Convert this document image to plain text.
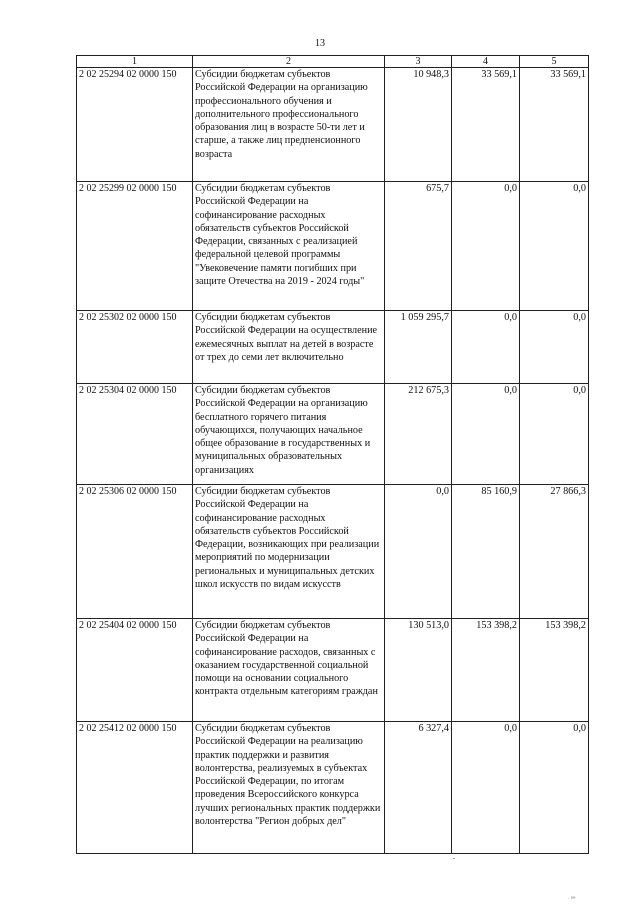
13
1	2	3	4	5
2 02 25294 02 0000 150	Субсидии бюджетам субъектов Российской Федерации на организацию профессионального обучения и дополнительного профессионального образования лиц в возрасте 50-ти лет и старше, а также лиц предпенсионного возраста	10 948,3	33 569,1	33 569,1
2 02 25299 02 0000 150	Субсидии бюджетам субъектов Российской Федерации на софинансирование расходных обязательств субъектов Российской Федерации, связанных с реализацией федеральной целевой программы "Увековечение памяти погибших при защите Отечества на 2019 - 2024 годы"	675,7	0,0	0,0
2 02 25302 02 0000 150	Субсидии бюджетам субъектов Российской Федерации на осуществление ежемесячных выплат на детей в возрасте от трех до семи лет включительно	1 059 295,7	0,0	0,0
2 02 25304 02 0000 150	Субсидии бюджетам субъектов Российской Федерации на организацию бесплатного горячего питания обучающихся, получающих начальное общее образование в государственных и муниципальных образовательных организациях	212 675,3	0,0	0,0
2 02 25306 02 0000 150	Субсидии бюджетам субъектов Российской Федерации на софинансирование расходных обязательств субъектов Российской Федерации, возникающих при реализации мероприятий по модернизации региональных и муниципальных детских школ искусств по видам искусств	0,0	85 160,9	27 866,3
2 02 25404 02 0000 150	Субсидии бюджетам субъектов Российской Федерации на софинансирование расходов, связанных с оказанием государственной социальной помощи на основании социального контракта отдельным категориям граждан	130 513,0	153 398,2	153 398,2
2 02 25412 02 0000 150	Субсидии бюджетам субъектов Российской Федерации на реализацию практик поддержки и развития волонтерства, реализуемых в субъектах Российской Федерации, по итогам проведения Всероссийского конкурса лучших региональных практик поддержки волонтерства "Регион добрых дел"	6 327,4	0,0	0,0
· ¹ᴵᴮ
